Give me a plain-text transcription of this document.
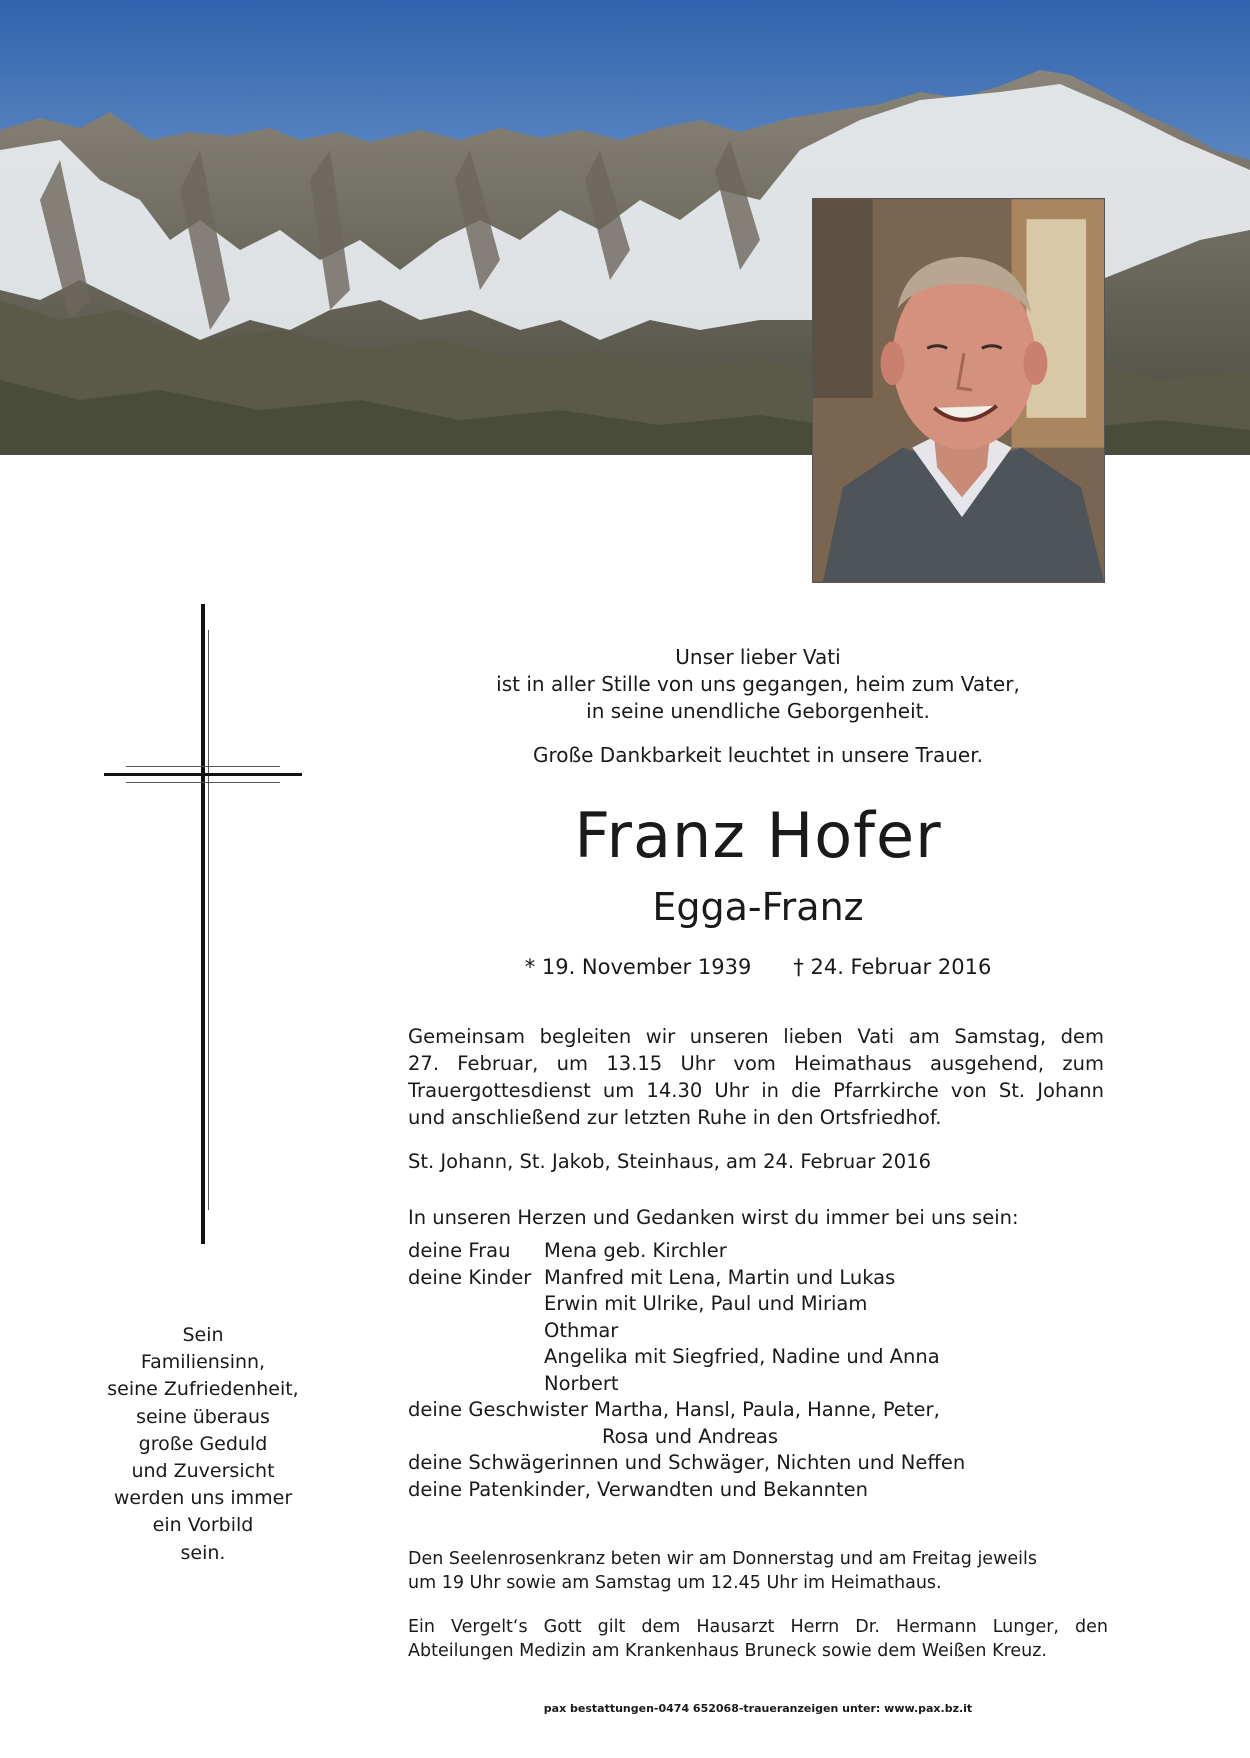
Sein
Familiensinn,
seine Zufriedenheit,
seine überaus
große Geduld
und Zuversicht
werden uns immer
ein Vorbild
sein.
Unser lieber Vati
ist in aller Stille von uns gegangen, heim zum Vater,
in seine unendliche Geborgenheit.
Große Dankbarkeit leuchtet in unsere Trauer.
Franz Hofer
Egga-Franz
* 19. November 1939 † 24. Februar 2016
Gemeinsam begleiten wir unseren lieben Vati am Samstag, dem
27. Februar, um 13.15 Uhr vom Heimathaus ausgehend, zum
Trauergottesdienst um 14.30 Uhr in die Pfarrkirche von St. Johann
und anschließend zur letzten Ruhe in den Ortsfriedhof.
St. Johann, St. Jakob, Steinhaus, am 24. Februar 2016
In unseren Herzen und Gedanken wirst du immer bei uns sein:
deine Frau Mena geb. Kirchler
deine Kinder Manfred mit Lena, Martin und Lukas
Erwin mit Ulrike, Paul und Miriam
Othmar
Angelika mit Siegfried, Nadine und Anna
Norbert
deine Geschwister Martha, Hansl, Paula, Hanne, Peter,
Rosa und Andreas
deine Schwägerinnen und Schwäger, Nichten und Neffen
deine Patenkinder, Verwandten und Bekannten
Den Seelenrosenkranz beten wir am Donnerstag und am Freitag jeweils
um 19 Uhr sowie am Samstag um 12.45 Uhr im Heimathaus.
Ein Vergelt‘s Gott gilt dem Hausarzt Herrn Dr. Hermann Lunger, den
Abteilungen Medizin am Krankenhaus Bruneck sowie dem Weißen Kreuz.
pax bestattungen-0474 652068-traueranzeigen unter: www.pax.bz.it
